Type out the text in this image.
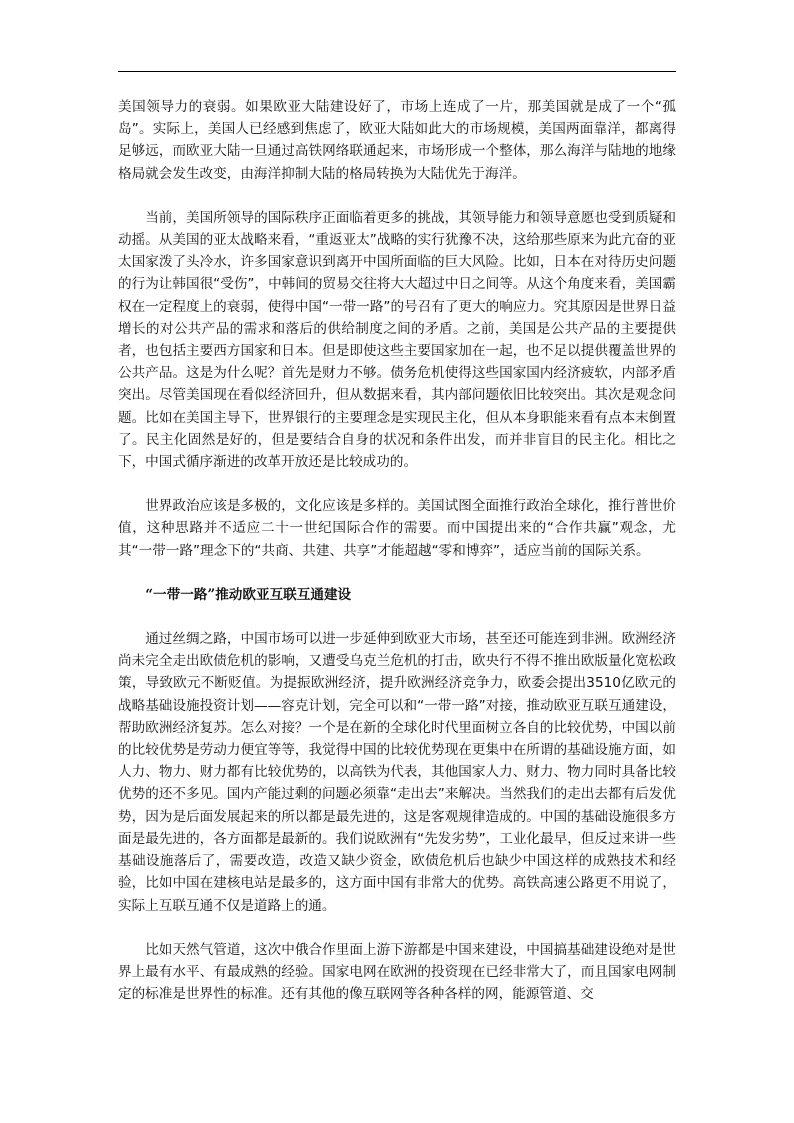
美国领导力的衰弱。如果欧亚大陆建设好了，市场上连成了一片，那美国就是成了一个“孤岛”。实际上，美国人已经感到焦虑了，欧亚大陆如此大的市场规模，美国两面靠洋，都离得足够远，而欧亚大陆一旦通过高铁网络联通起来，市场形成一个整体，那么海洋与陆地的地缘格局就会发生改变，由海洋抑制大陆的格局转换为大陆优先于海洋。

当前，美国所领导的国际秩序正面临着更多的挑战，其领导能力和领导意愿也受到质疑和动摇。从美国的亚太战略来看，“重返亚太”战略的实行犹豫不决，这给那些原来为此亢奋的亚太国家泼了头冷水，许多国家意识到离开中国所面临的巨大风险。比如，日本在对待历史问题的行为让韩国很“受伤”，中韩间的贸易交往将大大超过中日之间等。从这个角度来看，美国霸权在一定程度上的衰弱，使得中国“一带一路”的号召有了更大的响应力。究其原因是世界日益增长的对公共产品的需求和落后的供给制度之间的矛盾。之前，美国是公共产品的主要提供者，也包括主要西方国家和日本。但是即使这些主要国家加在一起，也不足以提供覆盖世界的公共产品。这是为什么呢？首先是财力不够。债务危机使得这些国家国内经济疲软，内部矛盾突出。尽管美国现在看似经济回升，但从数据来看，其内部问题依旧比较突出。其次是观念问题。比如在美国主导下，世界银行的主要理念是实现民主化，但从本身职能来看有点本末倒置了。民主化固然是好的，但是要结合自身的状况和条件出发，而并非盲目的民主化。相比之下，中国式循序渐进的改革开放还是比较成功的。

世界政治应该是多极的，文化应该是多样的。美国试图全面推行政治全球化，推行普世价值，这种思路并不适应二十一世纪国际合作的需要。而中国提出来的“合作共赢”观念，尤其“一带一路”理念下的“共商、共建、共享”才能超越“零和博弈”，适应当前的国际关系。

“一带一路”推动欧亚互联互通建设

通过丝绸之路，中国市场可以进一步延伸到欧亚大市场，甚至还可能连到非洲。欧洲经济尚未完全走出欧债危机的影响，又遭受乌克兰危机的打击，欧央行不得不推出欧版量化宽松政策，导致欧元不断贬值。为提振欧洲经济，提升欧洲经济竞争力，欧委会提出3510亿欧元的战略基础设施投资计划——容克计划，完全可以和“一带一路”对接，推动欧亚互联互通建设，帮助欧洲经济复苏。怎么对接？一个是在新的全球化时代里面树立各自的比较优势，中国以前的比较优势是劳动力便宜等等，我觉得中国的比较优势现在更集中在所谓的基础设施方面，如人力、物力、财力都有比较优势的，以高铁为代表，其他国家人力、财力、物力同时具备比较优势的还不多见。国内产能过剩的问题必须靠“走出去”来解决。当然我们的走出去都有后发优势，因为是后面发展起来的所以都是最先进的，这是客观规律造成的。中国的基础设施很多方面是最先进的，各方面都是最新的。我们说欧洲有“先发劣势”，工业化最早，但反过来讲一些基础设施落后了，需要改造，改造又缺少资金，欧债危机后也缺少中国这样的成熟技术和经验，比如中国在建核电站是最多的，这方面中国有非常大的优势。高铁高速公路更不用说了，实际上互联互通不仅是道路上的通。

比如天然气管道，这次中俄合作里面上游下游都是中国来建设，中国搞基础建设绝对是世界上最有水平、有最成熟的经验。国家电网在欧洲的投资现在已经非常大了，而且国家电网制定的标准是世界性的标准。还有其他的像互联网等各种各样的网，能源管道、交
